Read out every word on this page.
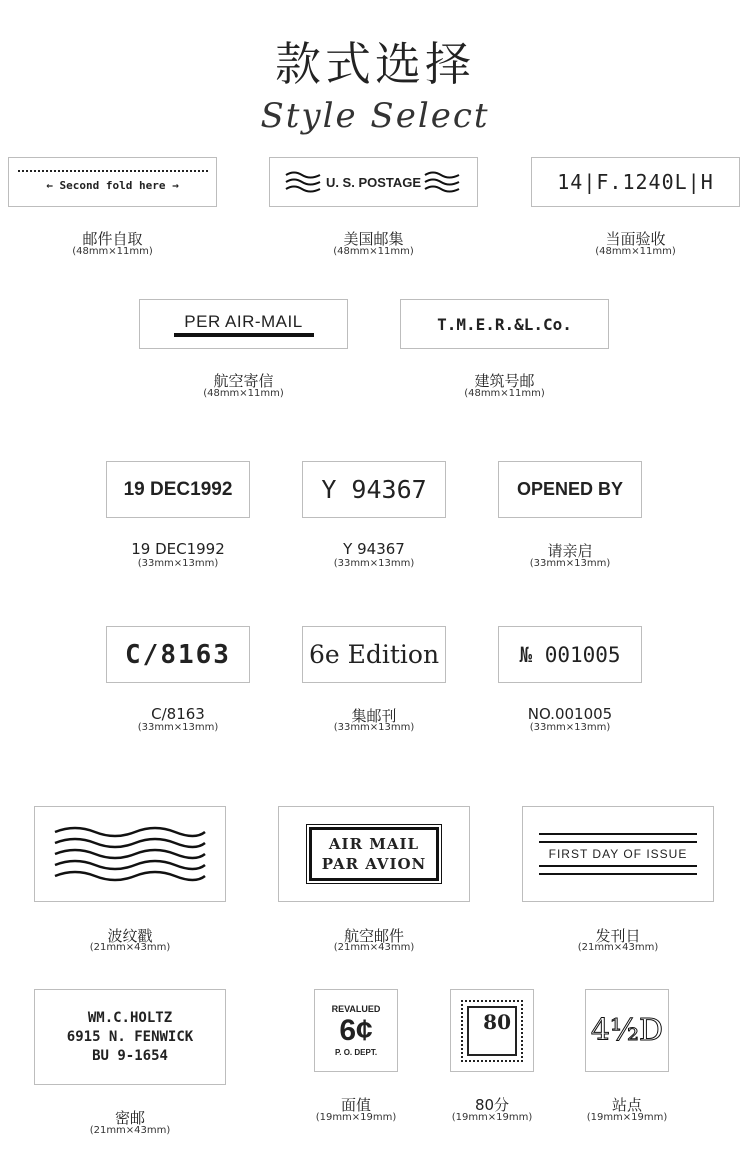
款式选择
Style Select
← Second fold here →
邮件自取
(48mm×11mm)
U. S. POSTAGE
美国邮集
(48mm×11mm)
14|F.1240L|H
当面验收
(48mm×11mm)
PER AIR-MAIL
航空寄信
(48mm×11mm)
T.M.E.R.&L.Co.
建筑号邮
(48mm×11mm)
19 DEC1992
19 DEC1992
(33mm×13mm)
Y 94367
Y 94367
(33mm×13mm)
OPENED BY
请亲启
(33mm×13mm)
C/8163
C/8163
(33mm×13mm)
6e Edition
集邮刊
(33mm×13mm)
№ 001005
NO.001005
(33mm×13mm)
波纹戳
(21mm×43mm)
AIR MAIL
PAR AVION
航空邮件
(21mm×43mm)
FIRST DAY OF ISSUE
发刊日
(21mm×43mm)
WM.C.HOLTZ
6915 N. FENWICK
BU 9-1654
密邮
(21mm×43mm)
REVALUED
6¢
P. O. DEPT.
面值
(19mm×19mm)
80
80分
(19mm×19mm)
4½D
站点
(19mm×19mm)
